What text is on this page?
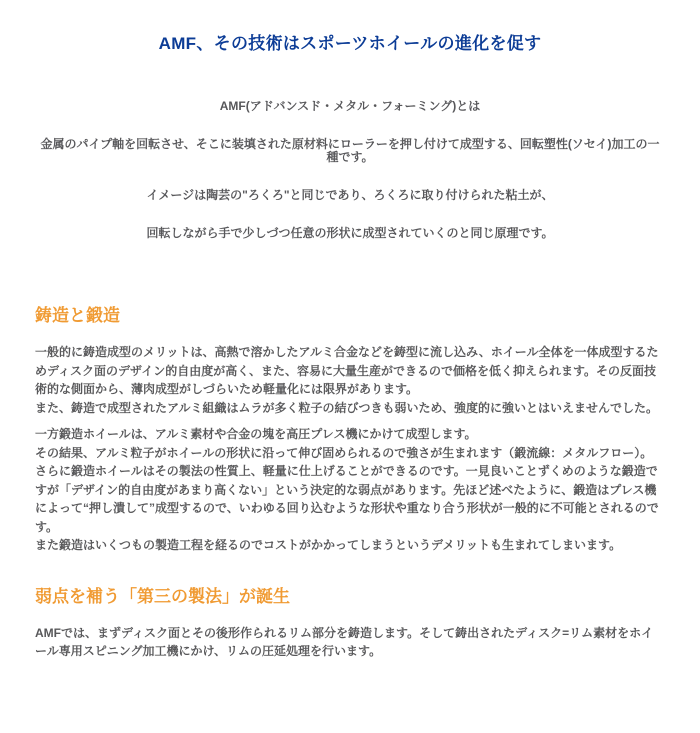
AMF、その技術はスポーツホイールの進化を促す

AMF(アドバンスド・メタル・フォーミング)とは

金属のパイプ軸を回転させ、そこに装填された原材料にローラーを押し付けて成型する、回転塑性(ソセイ)加工の一種です。

イメージは陶芸の"ろくろ"と同じであり、ろくろに取り付けられた粘土が、

回転しながら手で少しづつ任意の形状に成型されていくのと同じ原理です。

鋳造と鍛造

一般的に鋳造成型のメリットは、高熱で溶かしたアルミ合金などを鋳型に流し込み、ホイール全体を一体成型するためディスク面のデザイン的自由度が高く、また、容易に大量生産ができるので価格を低く抑えられます。その反面技術的な側面から、薄肉成型がしづらいため軽量化には限界があります。

また、鋳造で成型されたアルミ組織はムラが多く粒子の結びつきも弱いため、強度的に強いとはいえませんでした。

一方鍛造ホイールは、アルミ素材や合金の塊を高圧プレス機にかけて成型します。

その結果、アルミ粒子がホイールの形状に沿って伸び固められるので強さが生まれます（鍛流線：メタルフロー）。

さらに鍛造ホイールはその製法の性質上、軽量に仕上げることができるのです。一見良いことずくめのような鍛造ですが「デザイン的自由度があまり高くない」という決定的な弱点があります。先ほど述べたように、鍛造はプレス機によって“押し潰して”成型するので、いわゆる回り込むような形状や重なり合う形状が一般的に不可能とされるのです。

また鍛造はいくつもの製造工程を経るのでコストがかかってしまうというデメリットも生まれてしまいます。

弱点を補う「第三の製法」が誕生

AMFでは、まずディスク面とその後形作られるリム部分を鋳造します。そして鋳出されたディスク=リム素材をホイール専用スピニング加工機にかけ、リムの圧延処理を行います。
